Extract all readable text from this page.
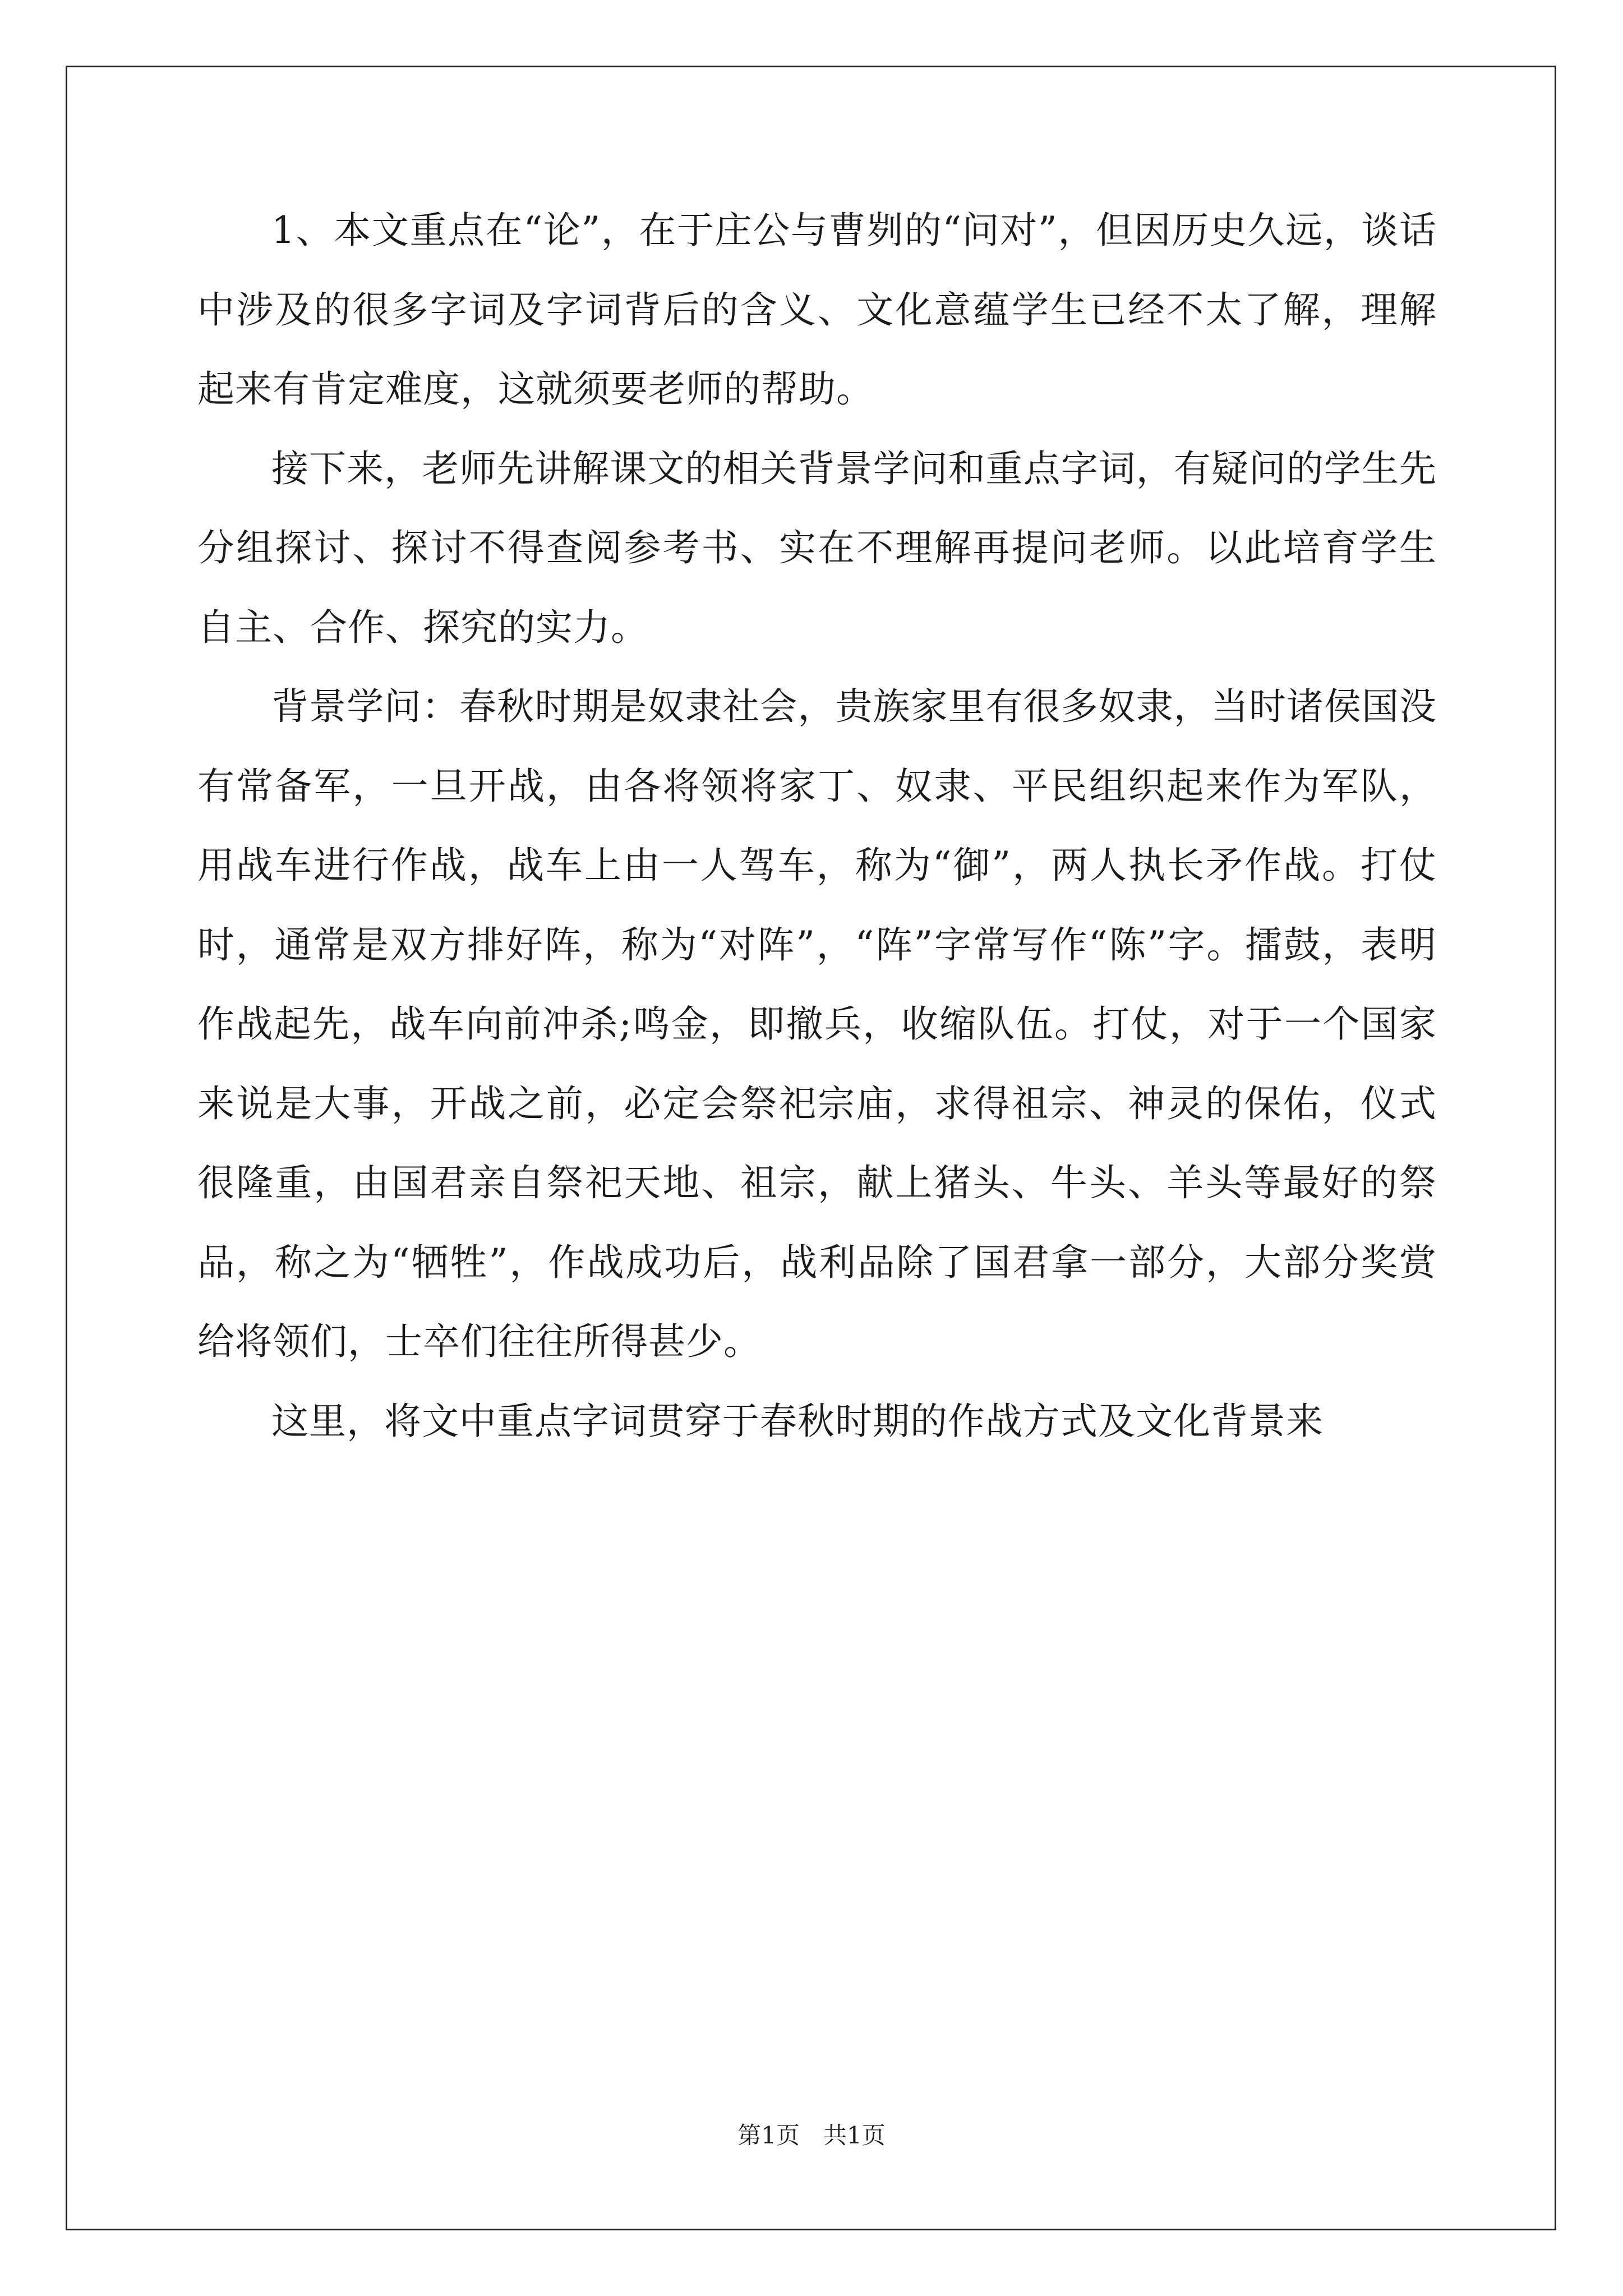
1、本文重点在“论”，在于庄公与曹刿的“问对”，但因历史久远，谈话中涉及的很多字词及字词背后的含义、文化意蕴学生已经不太了解，理解起来有肯定难度，这就须要老师的帮助。

接下来，老师先讲解课文的相关背景学问和重点字词，有疑问的学生先分组探讨、探讨不得查阅参考书、实在不理解再提问老师。以此培育学生自主、合作、探究的实力。

背景学问：春秋时期是奴隶社会，贵族家里有很多奴隶，当时诸侯国没有常备军，一旦开战，由各将领将家丁、奴隶、平民组织起来作为军队，用战车进行作战，战车上由一人驾车，称为“御”，两人执长矛作战。打仗时，通常是双方排好阵，称为“对阵”，“阵”字常写作“陈”字。擂鼓，表明作战起先，战车向前冲杀;鸣金，即撤兵，收缩队伍。打仗，对于一个国家来说是大事，开战之前，必定会祭祀宗庙，求得祖宗、神灵的保佑，仪式很隆重，由国君亲自祭祀天地、祖宗，献上猪头、牛头、羊头等最好的祭品，称之为“牺牲”，作战成功后，战利品除了国君拿一部分，大部分奖赏给将领们，士卒们往往所得甚少。

这里，将文中重点字词贯穿于春秋时期的作战方式及文化背景来

第1页　共1页
